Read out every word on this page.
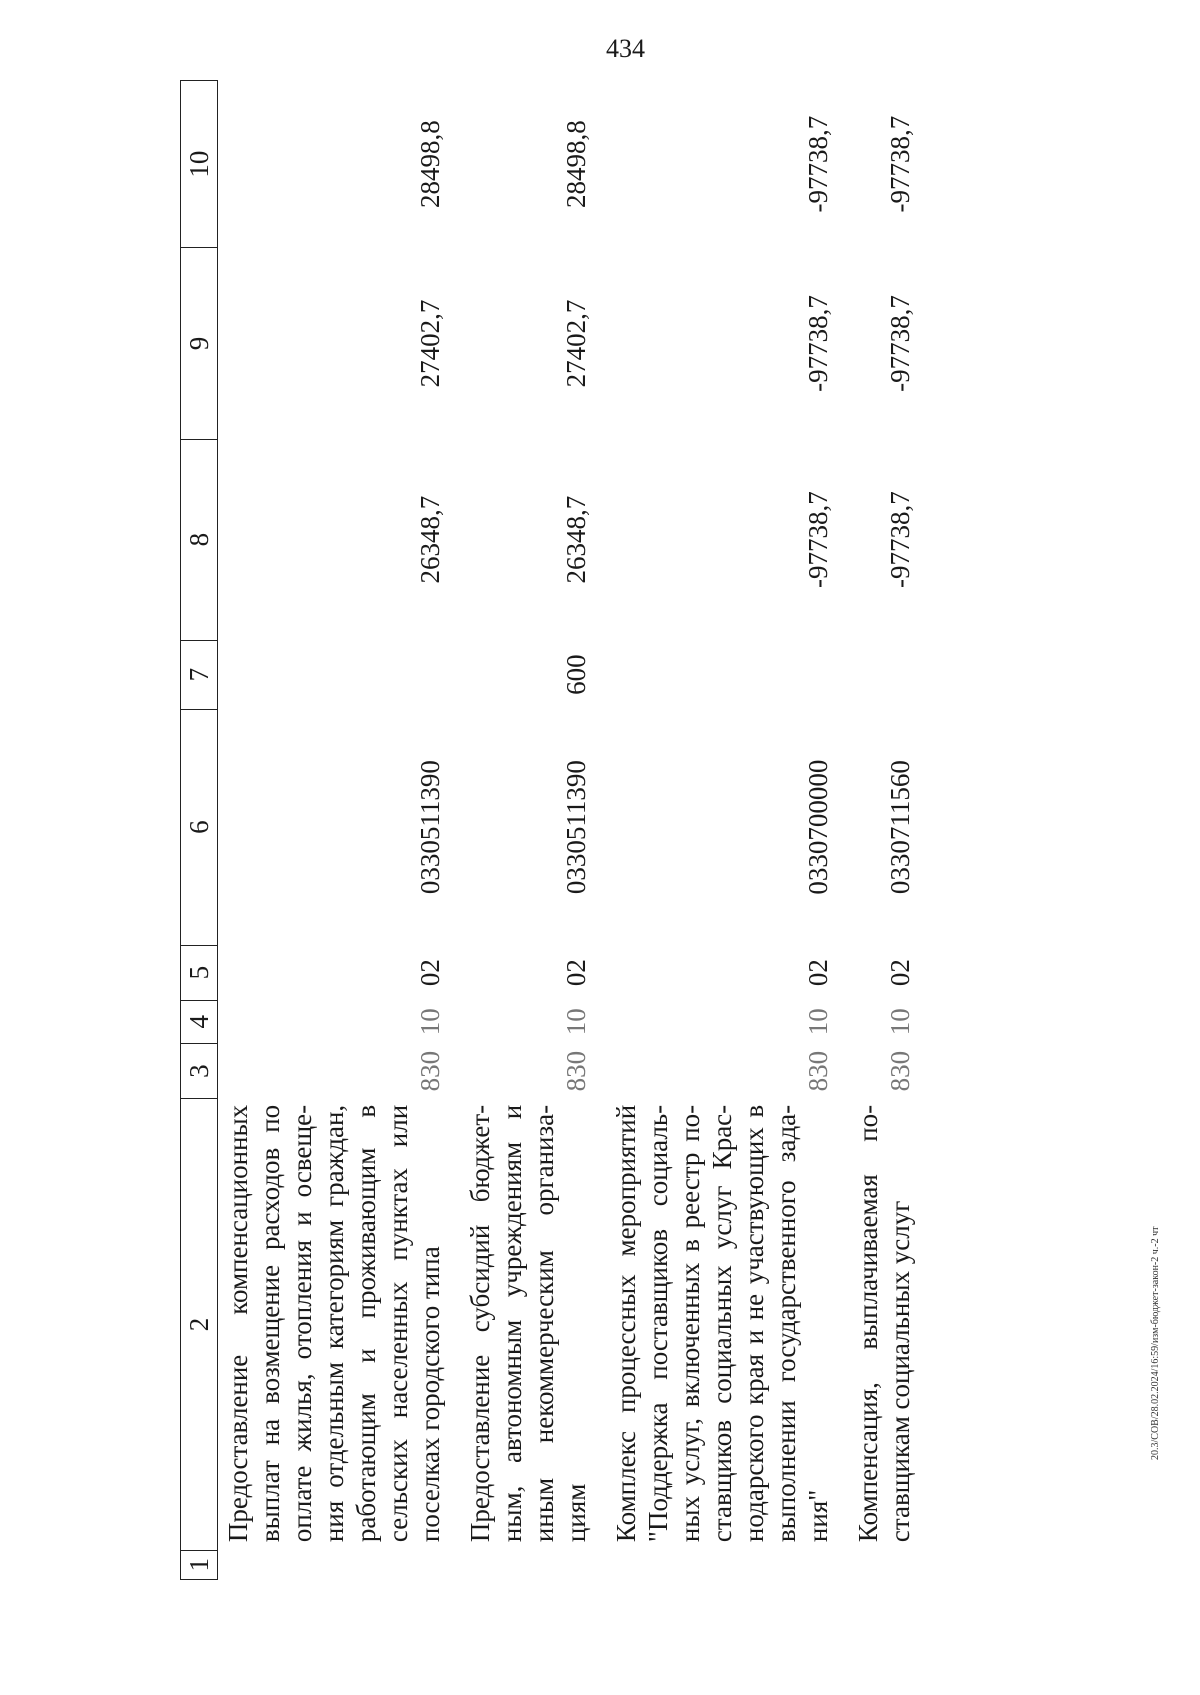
434
20.3/СОВ/28.02.2024/16:59/изм-бюджет-закон-2 ч.-2 чт
1	2	3	4	5	6	7	8	9	10
	Предоставление компенсационных выплат на возмещение расходов по оплате жилья, отопления и освеще-ния отдельным категориям граждан, работающим и проживающим в сельских населенных пунктах или поселках городского типа	830	10	02	0330511390		26348,7	27402,7	28498,8
	Предоставление субсидий бюджет-ным, автономным учреждениям и иным некоммерческим организа-циям	830	10	02	0330511390	600	26348,7	27402,7	28498,8
	Комплекс процессных мероприятий "Поддержка поставщиков социаль-ных услуг, включенных в реестр по-ставщиков социальных услуг Крас-нодарского края и не участвующих в выполнении государственного зада-ния"	830	10	02	0330700000		-97738,7	-97738,7	-97738,7
	Компенсация, выплачиваемая по-ставщикам социальных услуг	830	10	02	0330711560		-97738,7	-97738,7	-97738,7
